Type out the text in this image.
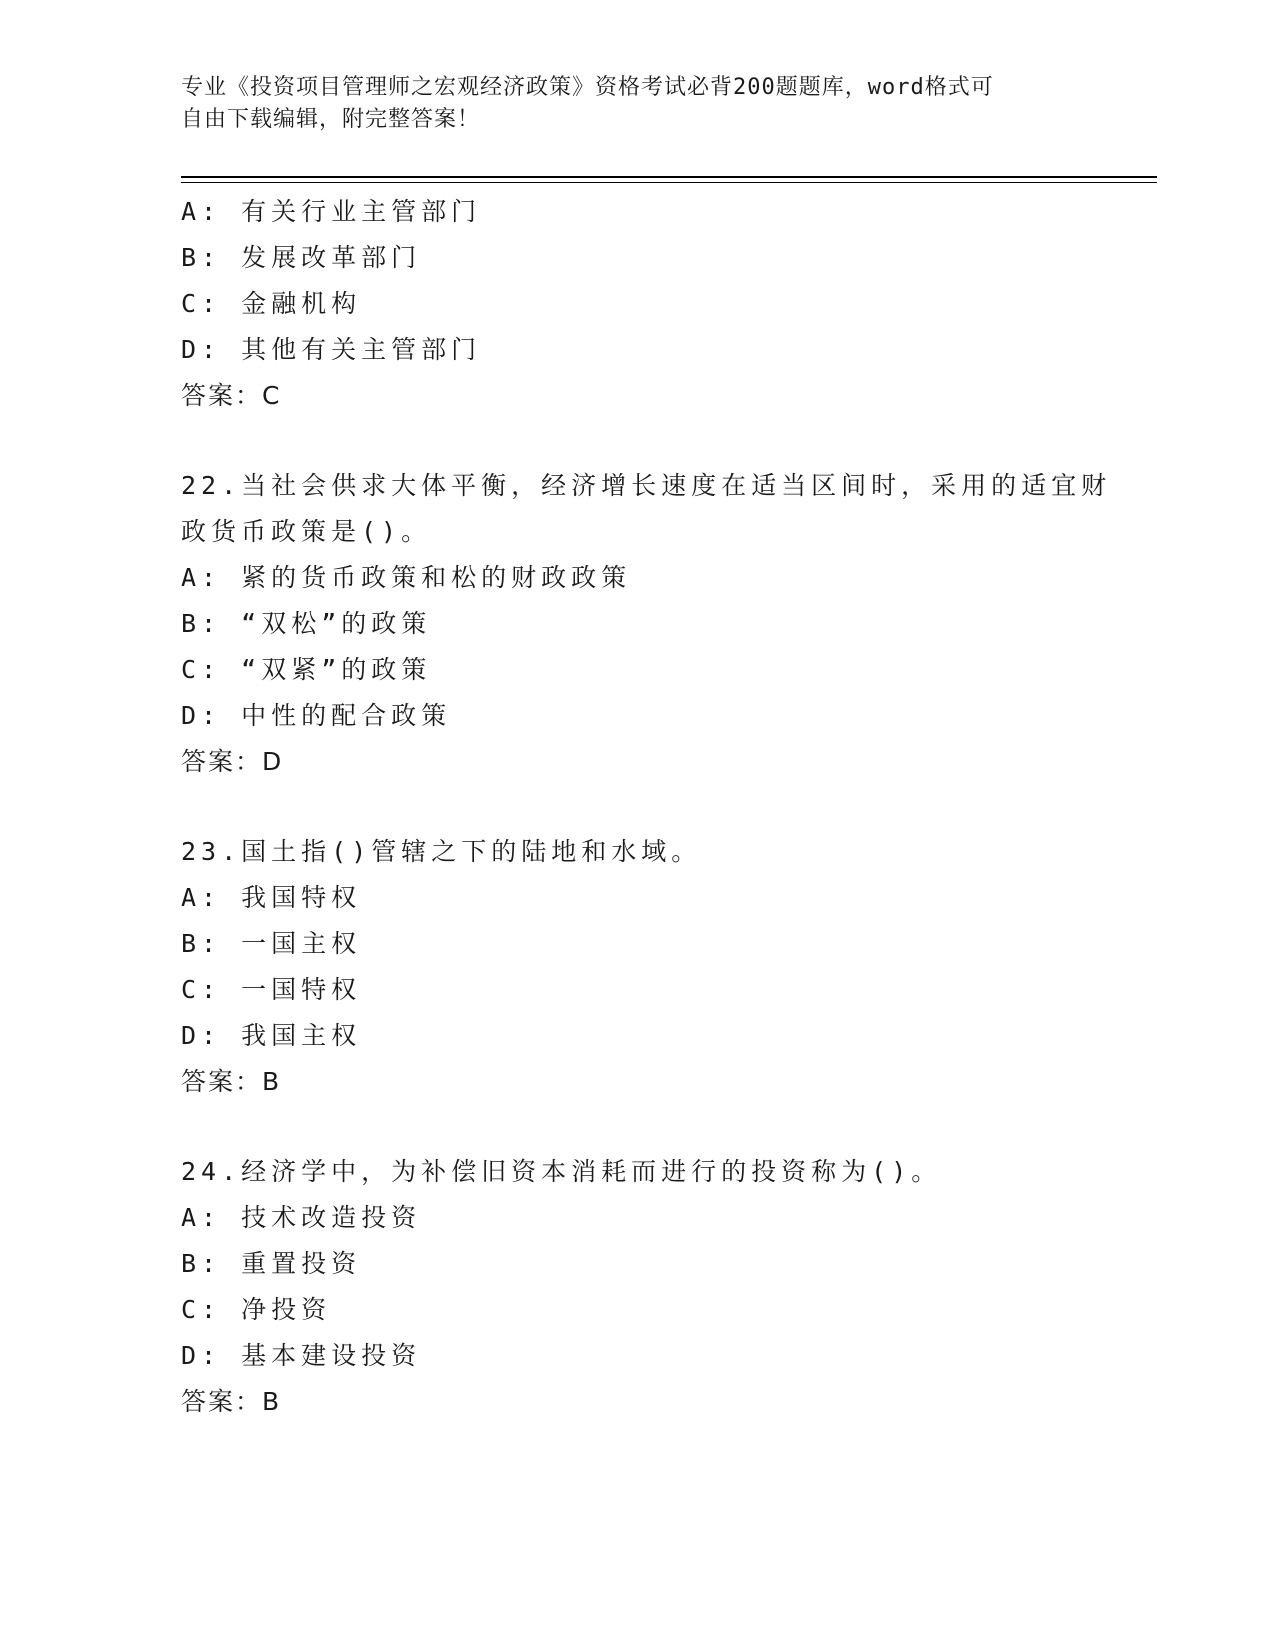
专业《投资项目管理师之宏观经济政策》资格考试必背200题题库，word格式可
自由下载编辑，附完整答案！
A: 有关行业主管部门
B: 发展改革部门
C: 金融机构
D: 其他有关主管部门
答案：C
22.当社会供求大体平衡，经济增长速度在适当区间时，采用的适宜财
政货币政策是()。
A: 紧的货币政策和松的财政政策
B: “双松”的政策
C: “双紧”的政策
D: 中性的配合政策
答案：D
23.国土指()管辖之下的陆地和水域。
A: 我国特权
B: 一国主权
C: 一国特权
D: 我国主权
答案：B
24.经济学中，为补偿旧资本消耗而进行的投资称为()。
A: 技术改造投资
B: 重置投资
C: 净投资
D: 基本建设投资
答案：B
